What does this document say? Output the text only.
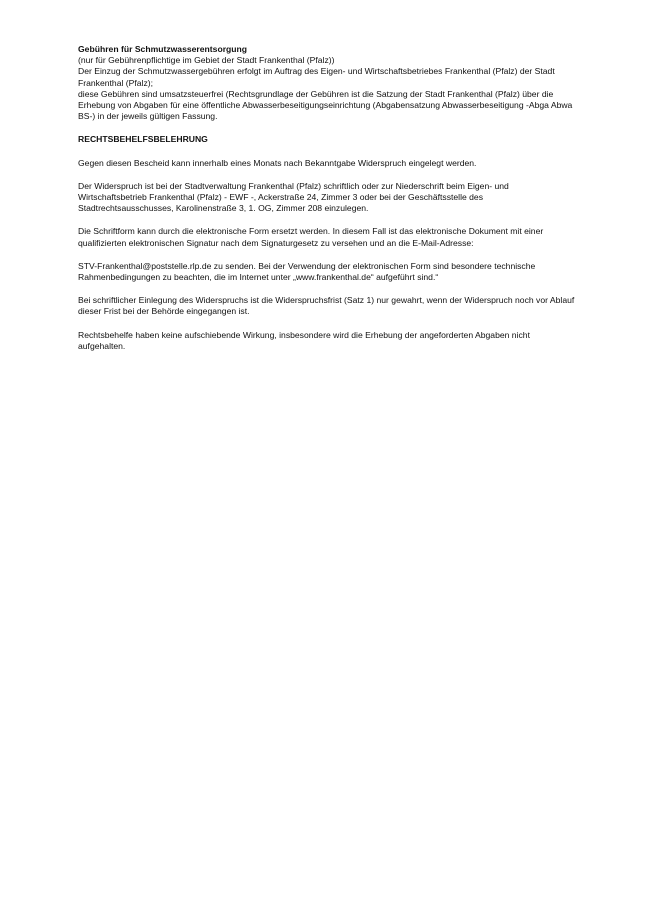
Gebühren für Schmutzwasserentsorgung

(nur für Gebührenpflichtige im Gebiet der Stadt Frankenthal (Pfalz))
Der Einzug der Schmutzwassergebühren erfolgt im Auftrag des Eigen- und Wirtschaftsbetriebes Frankenthal (Pfalz) der Stadt
Frankenthal (Pfalz);
diese Gebühren sind umsatzsteuerfrei (Rechtsgrundlage der Gebühren ist die Satzung der Stadt Frankenthal (Pfalz) über die
Erhebung von Abgaben für eine öffentliche Abwasserbeseitigungseinrichtung (Abgabensatzung Abwasserbeseitigung -Abga Abwa
BS-) in der jeweils gültigen Fassung.

RECHTSBEHELFSBELEHRUNG

Gegen diesen Bescheid kann innerhalb eines Monats nach Bekanntgabe Widerspruch eingelegt werden.
Der Widerspruch ist bei der Stadtverwaltung Frankenthal (Pfalz) schriftlich oder zur Niederschrift beim Eigen- und
Wirtschaftsbetrieb Frankenthal (Pfalz) - EWF -, Ackerstraße 24, Zimmer 3 oder bei der Geschäftsstelle des
Stadtrechtsausschusses, Karolinenstraße 3, 1. OG, Zimmer 208 einzulegen.
Die Schriftform kann durch die elektronische Form ersetzt werden. In diesem Fall ist das elektronische Dokument mit einer
qualifizierten elektronischen Signatur nach dem Signaturgesetz zu versehen und an die E-Mail-Adresse:
STV-Frankenthal@poststelle.rlp.de zu senden. Bei der Verwendung der elektronischen Form sind besondere technische
Rahmenbedingungen zu beachten, die im Internet unter „www.frankenthal.de“ aufgeführt sind.“
Bei schriftlicher Einlegung des Widerspruchs ist die Widerspruchsfrist (Satz 1) nur gewahrt, wenn der Widerspruch noch vor Ablauf
dieser Frist bei der Behörde eingegangen ist.
Rechtsbehelfe haben keine aufschiebende Wirkung, insbesondere wird die Erhebung der angeforderten Abgaben nicht
aufgehalten.
